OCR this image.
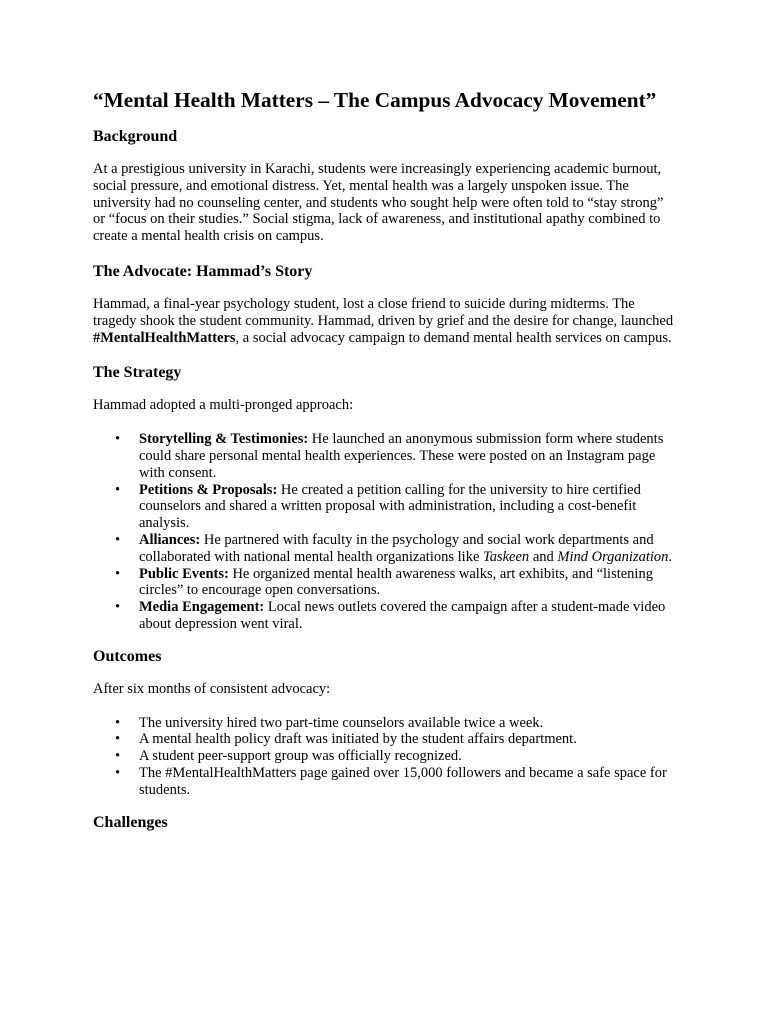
“Mental Health Matters – The Campus Advocacy Movement”
Background

At a prestigious university in Karachi, students were increasingly experiencing academic burnout, social pressure, and emotional distress. Yet, mental health was a largely unspoken issue. The university had no counseling center, and students who sought help were often told to “stay strong” or “focus on their studies.” Social stigma, lack of awareness, and institutional apathy combined to create a mental health crisis on campus.

The Advocate: Hammad’s Story

Hammad, a final-year psychology student, lost a close friend to suicide during midterms. The tragedy shook the student community. Hammad, driven by grief and the desire for change, launched #MentalHealthMatters, a social advocacy campaign to demand mental health services on campus.

The Strategy

Hammad adopted a multi-pronged approach:

• Storytelling & Testimonies: He launched an anonymous submission form where students could share personal mental health experiences. These were posted on an Instagram page with consent.
• Petitions & Proposals: He created a petition calling for the university to hire certified counselors and shared a written proposal with administration, including a cost-benefit analysis.
• Alliances: He partnered with faculty in the psychology and social work departments and collaborated with national mental health organizations like Taskeen and Mind Organization.
• Public Events: He organized mental health awareness walks, art exhibits, and “listening circles” to encourage open conversations.
• Media Engagement: Local news outlets covered the campaign after a student-made video about depression went viral.
Outcomes

After six months of consistent advocacy:

• The university hired two part-time counselors available twice a week.
• A mental health policy draft was initiated by the student affairs department.
• A student peer-support group was officially recognized.
• The #MentalHealthMatters page gained over 15,000 followers and became a safe space for students.
Challenges
